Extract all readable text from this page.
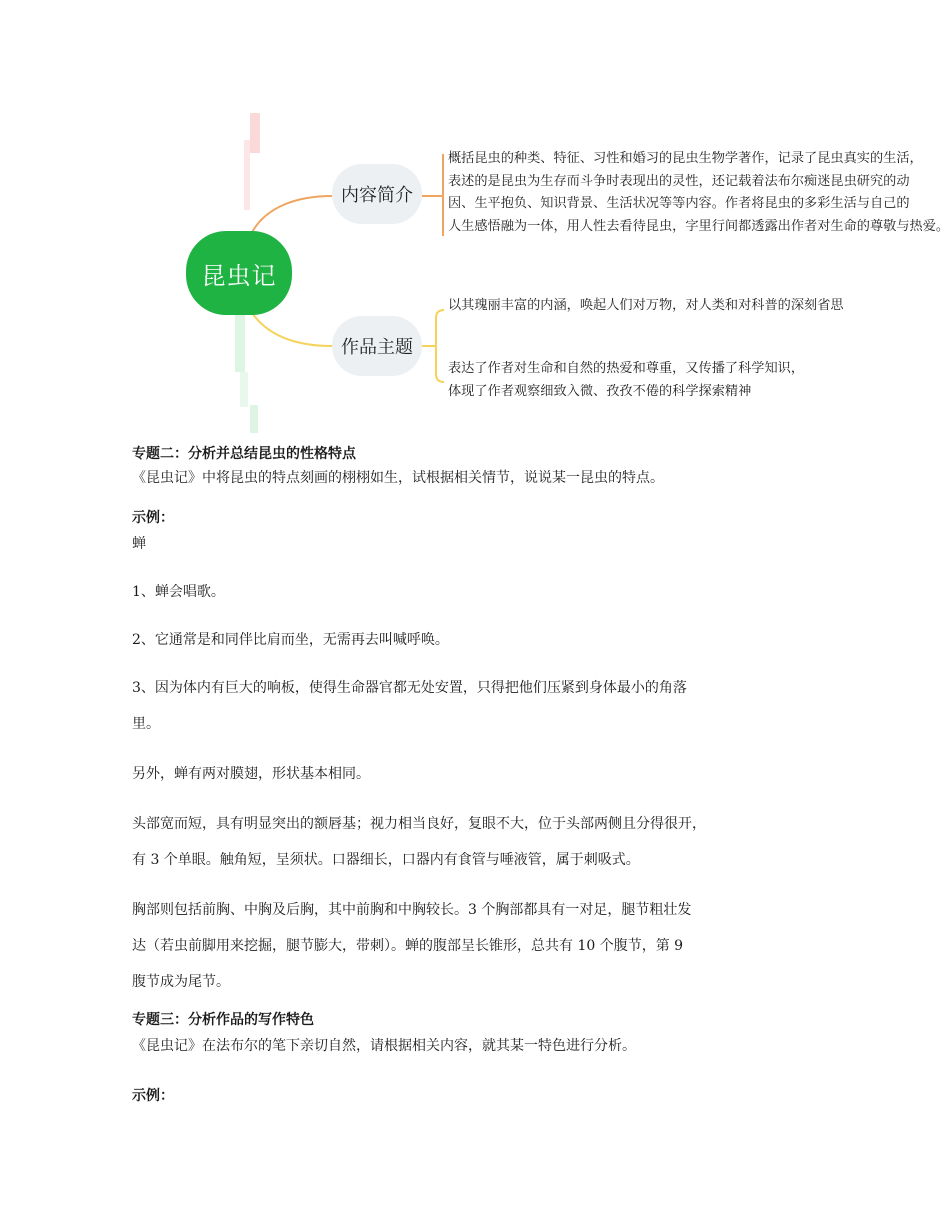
昆虫记
内容简介
作品主题
概括昆虫的种类、特征、习性和婚习的昆虫生物学著作，记录了昆虫真实的生活，
表述的是昆虫为生存而斗争时表现出的灵性，还记载着法布尔痴迷昆虫研究的动
因、生平抱负、知识背景、生活状况等等内容。作者将昆虫的多彩生活与自己的
人生感悟融为一体，用人性去看待昆虫，字里行间都透露出作者对生命的尊敬与热爱。
以其瑰丽丰富的内涵，唤起人们对万物，对人类和对科普的深刻省思
表达了作者对生命和自然的热爱和尊重，又传播了科学知识，
体现了作者观察细致入微、孜孜不倦的科学探索精神
专题二：分析并总结昆虫的性格特点
《昆虫记》中将昆虫的特点刻画的栩栩如生，试根据相关情节，说说某一昆虫的特点。
示例：
蝉
1、蝉会唱歌。
2、它通常是和同伴比肩而坐，无需再去叫喊呼唤。
3、因为体内有巨大的响板，使得生命器官都无处安置，只得把他们压紧到身体最小的角落
里。
另外，蝉有两对膜翅，形状基本相同。
头部宽而短，具有明显突出的额唇基；视力相当良好，复眼不大，位于头部两侧且分得很开，
有 3 个单眼。触角短，呈须状。口器细长，口器内有食管与唾液管，属于刺吸式。
胸部则包括前胸、中胸及后胸，其中前胸和中胸较长。3 个胸部都具有一对足，腿节粗壮发
达（若虫前脚用来挖掘，腿节膨大，带刺）。蝉的腹部呈长锥形，总共有 10 个腹节，第 9
腹节成为尾节。
专题三：分析作品的写作特色
《昆虫记》在法布尔的笔下亲切自然，请根据相关内容，就其某一特色进行分析。
示例：
